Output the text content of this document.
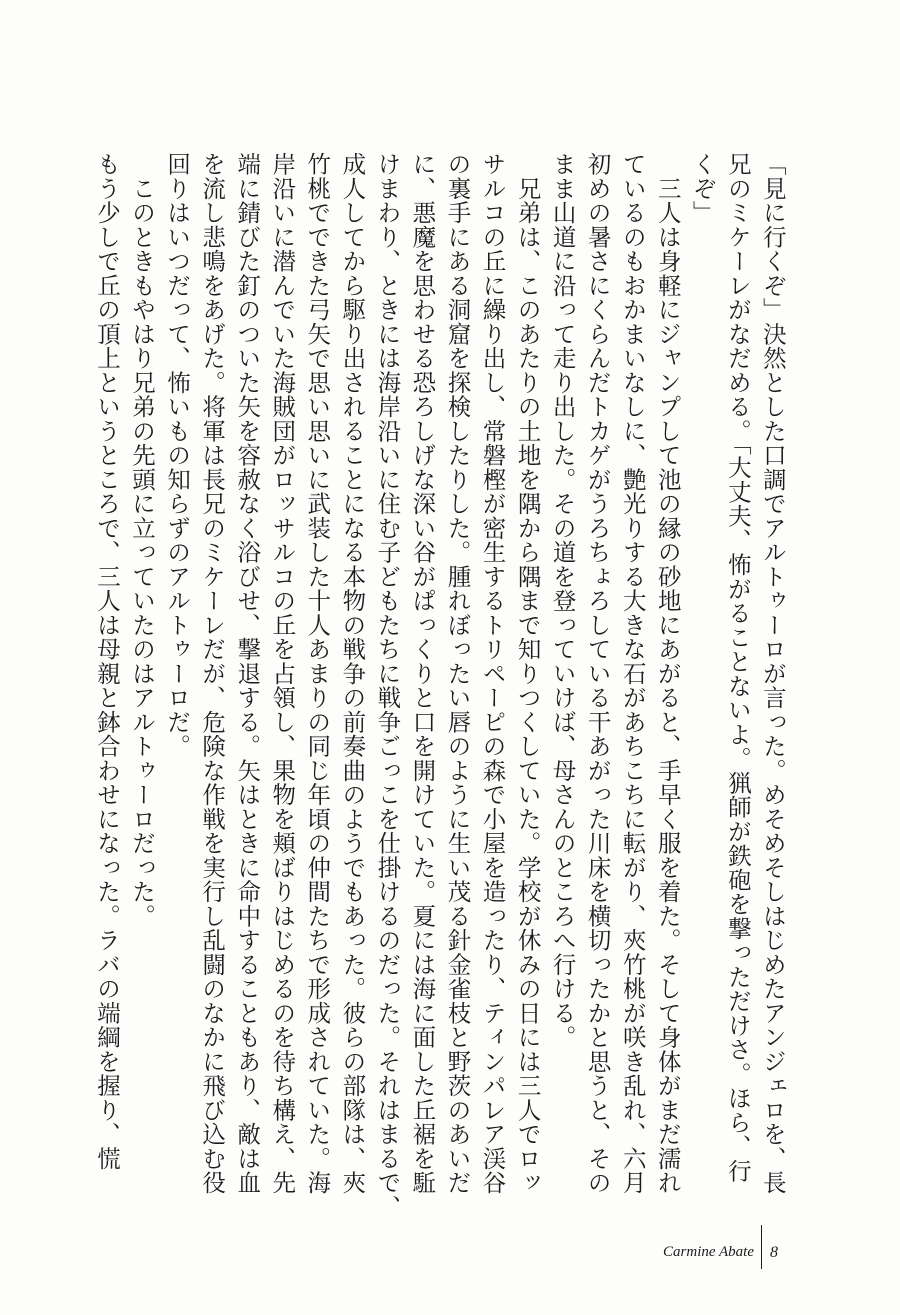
「見に行くぞ」決然とした口調でアルトゥーロが言った。めそめそしはじめたアンジェロを、長
兄のミケーレがなだめる。「大丈夫、怖がることないよ。猟師が鉄砲を撃っただけさ。ほら、行
くぞ」
　三人は身軽にジャンプして池の縁の砂地にあがると、手早く服を着た。そして身体がまだ濡れ
ているのもおかまいなしに、艶光りする大きな石があちこちに転がり、夾竹桃が咲き乱れ、六月
初めの暑さにくらんだトカゲがうろちょろしている干あがった川床を横切ったかと思うと、その
まま山道に沿って走り出した。その道を登っていけば、母さんのところへ行ける。
　兄弟は、このあたりの土地を隅から隅まで知りつくしていた。学校が休みの日には三人でロッ
サルコの丘に繰り出し、常磐樫が密生するトリペーピの森で小屋を造ったり、ティンパレア渓谷
の裏手にある洞窟を探検したりした。腫れぼったい唇のように生い茂る針金雀枝と野茨のあいだ
に、悪魔を思わせる恐ろしげな深い谷がぱっくりと口を開けていた。夏には海に面した丘裾を駈
けまわり、ときには海岸沿いに住む子どもたちに戦争ごっこを仕掛けるのだった。それはまるで、
成人してから駆り出されることになる本物の戦争の前奏曲のようでもあった。彼らの部隊は、夾
竹桃でできた弓矢で思い思いに武装した十人あまりの同じ年頃の仲間たちで形成されていた。海
岸沿いに潜んでいた海賊団がロッサルコの丘を占領し、果物を頬ばりはじめるのを待ち構え、先
端に錆びた釘のついた矢を容赦なく浴びせ、撃退する。矢はときに命中することもあり、敵は血
を流し悲鳴をあげた。将軍は長兄のミケーレだが、危険な作戦を実行し乱闘のなかに飛び込む役
回りはいつだって、怖いもの知らずのアルトゥーロだ。
　このときもやはり兄弟の先頭に立っていたのはアルトゥーロだった。
もう少しで丘の頂上というところで、三人は母親と鉢合わせになった。ラバの端綱を握り、慌
Carmine Abate 8
